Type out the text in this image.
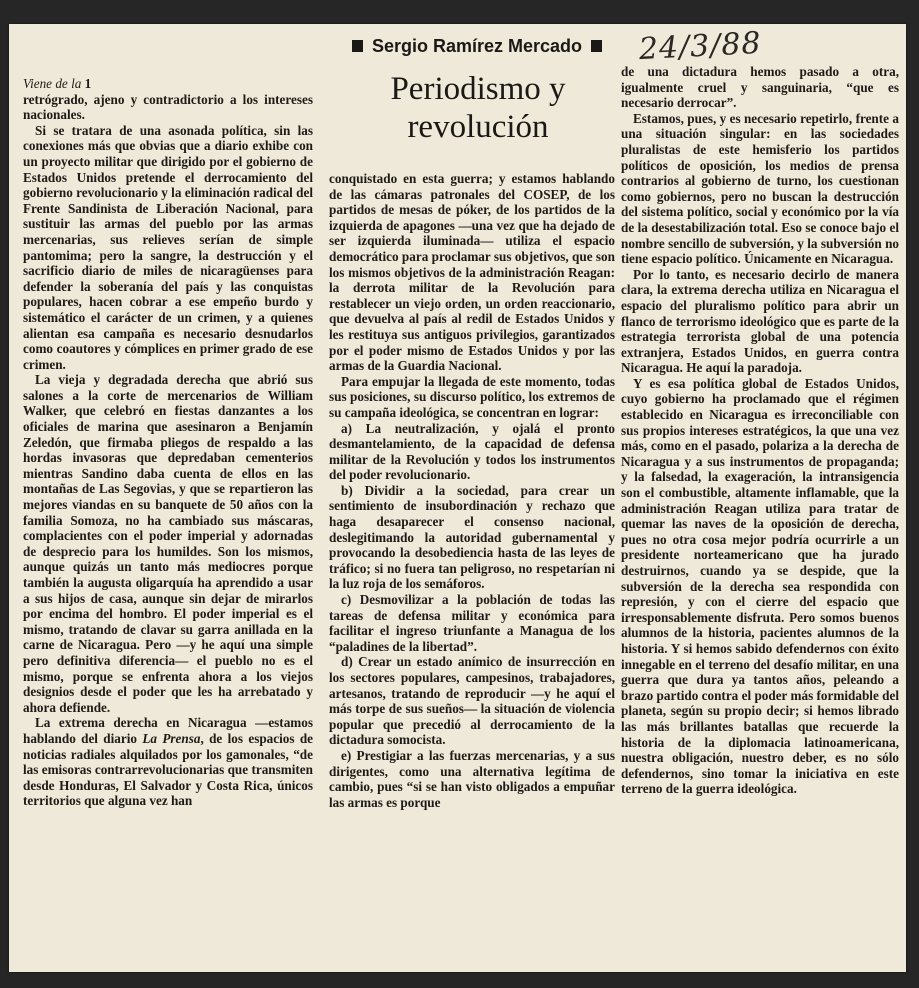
Sergio Ramírez Mercado 24/3/88
Periodismo y revolución

Viene de la 1

retrógrado, ajeno y contradictorio a los intereses nacionales.

Si se tratara de una asonada política, sin las conexiones más que obvias que a diario exhibe con un proyecto militar que dirigido por el gobierno de Estados Unidos pretende el derrocamiento del gobierno revolucionario y la eliminación radical del Frente Sandinista de Liberación Nacional, para sustituir las armas del pueblo por las armas mercenarias, sus relieves serían de simple pantomima; pero la sangre, la destrucción y el sacrificio diario de miles de nicaragüenses para defender la soberanía del país y las conquistas populares, hacen cobrar a ese empeño burdo y sistemático el carácter de un crimen, y a quienes alientan esa campaña es necesario desnudarlos como coautores y cómplices en primer grado de ese crimen.

La vieja y degradada derecha que abrió sus salones a la corte de mercenarios de William Walker, que celebró en fiestas danzantes a los oficiales de marina que asesinaron a Benjamín Zeledón, que firmaba pliegos de respaldo a las hordas invasoras que depredaban cementerios mientras Sandino daba cuenta de ellos en las montañas de Las Segovias, y que se repartieron las mejores viandas en su banquete de 50 años con la familia Somoza, no ha cambiado sus máscaras, complacientes con el poder imperial y adornadas de desprecio para los humildes. Son los mismos, aunque quizás un tanto más mediocres porque también la augusta oligarquía ha aprendido a usar a sus hijos de casa, aunque sin dejar de mirarlos por encima del hombro. El poder imperial es el mismo, tratando de clavar su garra anillada en la carne de Nicaragua. Pero —y he aquí una simple pero definitiva diferencia— el pueblo no es el mismo, porque se enfrenta ahora a los viejos designios desde el poder que les ha arrebatado y ahora defiende.

La extrema derecha en Nicaragua —estamos hablando del diario La Prensa, de los espacios de noticias radiales alquilados por los gamonales, “de las emisoras contrarrevolucionarias que transmiten desde Honduras, El Salvador y Costa Rica, únicos territorios que alguna vez han

conquistado en esta guerra; y estamos hablando de las cámaras patronales del COSEP, de los partidos de mesas de póker, de los partidos de la izquierda de apagones —una vez que ha dejado de ser izquierda iluminada— utiliza el espacio democrático para proclamar sus objetivos, que son los mismos objetivos de la administración Reagan: la derrota militar de la Revolución para restablecer un viejo orden, un orden reaccionario, que devuelva al país al redil de Estados Unidos y les restituya sus antiguos privilegios, garantizados por el poder mismo de Estados Unidos y por las armas de la Guardia Nacional.

Para empujar la llegada de este momento, todas sus posiciones, su discurso político, los extremos de su campaña ideológica, se concentran en lograr:

a) La neutralización, y ojalá el pronto desmantelamiento, de la capacidad de defensa militar de la Revolución y todos los instrumentos del poder revolucionario.

b) Dividir a la sociedad, para crear un sentimiento de insubordinación y rechazo que haga desaparecer el consenso nacional, deslegitimando la autoridad gubernamental y provocando la desobediencia hasta de las leyes de tráfico; si no fuera tan peligroso, no respetarían ni la luz roja de los semáforos.

c) Desmovilizar a la población de todas las tareas de defensa militar y económica para facilitar el ingreso triunfante a Managua de los “paladines de la libertad”.

d) Crear un estado anímico de insurrección en los sectores populares, campesinos, trabajadores, artesanos, tratando de reproducir —y he aquí el más torpe de sus sueños— la situación de violencia popular que precedió al derrocamiento de la dictadura somocista.

e) Prestigiar a las fuerzas mercenarias, y a sus dirigentes, como una alternativa legítima de cambio, pues “si se han visto obligados a empuñar las armas es porque

de una dictadura hemos pasado a otra, igualmente cruel y sanguinaria, “que es necesario derrocar”.

Estamos, pues, y es necesario repetirlo, frente a una situación singular: en las sociedades pluralistas de este hemisferio los partidos políticos de oposición, los medios de prensa contrarios al gobierno de turno, los cuestionan como gobiernos, pero no buscan la destrucción del sistema político, social y económico por la vía de la desestabilización total. Eso se conoce bajo el nombre sencillo de subversión, y la subversión no tiene espacio político. Únicamente en Nicaragua.

Por lo tanto, es necesario decirlo de manera clara, la extrema derecha utiliza en Nicaragua el espacio del pluralismo político para abrir un flanco de terrorismo ideológico que es parte de la estrategia terrorista global de una potencia extranjera, Estados Unidos, en guerra contra Nicaragua. He aquí la paradoja.

Y es esa política global de Estados Unidos, cuyo gobierno ha proclamado que el régimen establecido en Nicaragua es irreconciliable con sus propios intereses estratégicos, la que una vez más, como en el pasado, polariza a la derecha de Nicaragua y a sus instrumentos de propaganda; y la falsedad, la exageración, la intransigencia son el combustible, altamente inflamable, que la administración Reagan utiliza para tratar de quemar las naves de la oposición de derecha, pues no otra cosa mejor podría ocurrirle a un presidente norteamericano que ha jurado destruirnos, cuando ya se despide, que la subversión de la derecha sea respondida con represión, y con el cierre del espacio que irresponsablemente disfruta. Pero somos buenos alumnos de la historia, pacientes alumnos de la historia. Y si hemos sabido defendernos con éxito innegable en el terreno del desafío militar, en una guerra que dura ya tantos años, peleando a brazo partido contra el poder más formidable del planeta, según su propio decir; si hemos librado las más brillantes batallas que recuerde la historia de la diplomacia latinoamericana, nuestra obligación, nuestro deber, es no sólo defendernos, sino tomar la iniciativa en este terreno de la guerra ideológica.
